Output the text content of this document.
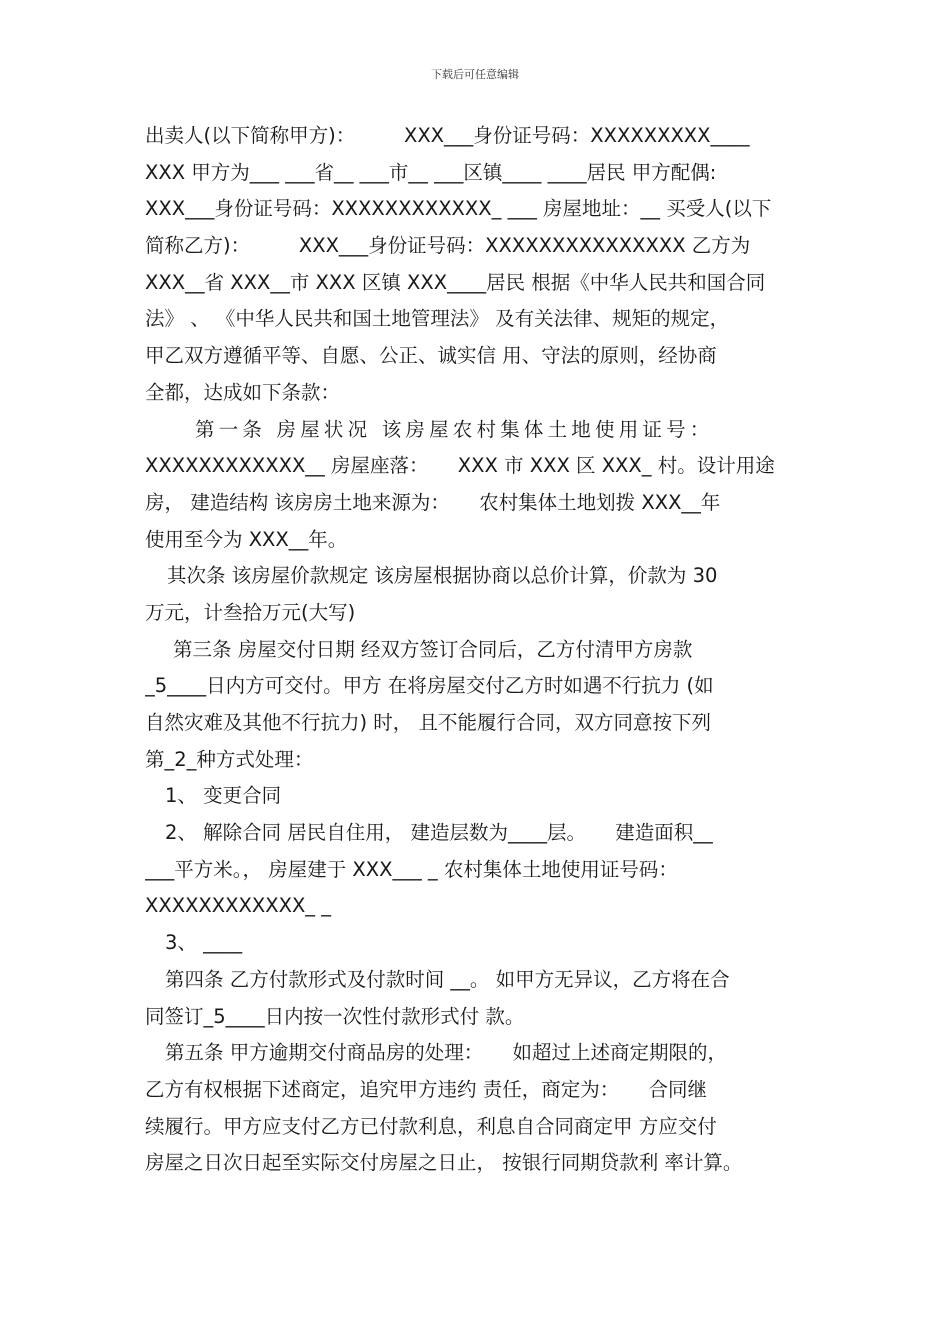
下载后可任意编辑
出卖人(以下简称甲方)：　　　XXX___身份证号码：XXXXXXXXX____
XXX 甲方为___ ___省__ ___市__ ___区镇____ ____居民 甲方配偶:
XXX___身份证号码：XXXXXXXXXXXX_ ___ 房屋地址：__ 买受人(以下
简称乙方)：　　　XXX___身份证号码：XXXXXXXXXXXXXXX 乙方为
XXX__省 XXX__市 XXX 区镇 XXX____居民 根据《中华人民共和国合同
法》 、 《中华人民共和国土地管理法》 及有关法律、规矩的规定，
甲乙双方遵循平等、自愿、公正、诚实信 用、守法的原则，经协商
全都，达成如下条款：
第一条 房屋状况 该房屋农村集体土地使用证号：
XXXXXXXXXXXX__ 房屋座落：　　XXX 市 XXX 区 XXX_ 村。设计用途
房， 建造结构 该房房土地来源为：　　农村集体土地划拨 XXX__年
使用至今为 XXX__年。
其次条 该房屋价款规定 该房屋根据协商以总价计算，价款为 30
万元，计叁拾万元(大写)
第三条 房屋交付日期 经双方签订合同后，乙方付清甲方房款
_5____日内方可交付。甲方 在将房屋交付乙方时如遇不行抗力 (如
自然灾难及其他不行抗力) 时， 且不能履行合同，双方同意按下列
第_2_种方式处理：
1、 变更合同
2、 解除合同 居民自住用， 建造层数为____层。　　建造面积__
___平方米。， 房屋建于 XXX___ _ 农村集体土地使用证号码：
XXXXXXXXXXXX_ _
3、 ____
第四条 乙方付款形式及付款时间 __。 如甲方无异议，乙方将在合
同签订_5____日内按一次性付款形式付 款。
第五条 甲方逾期交付商品房的处理：　　如超过上述商定期限的，
乙方有权根据下述商定，追究甲方违约 责任，商定为：　　合同继
续履行。甲方应支付乙方已付款利息，利息自合同商定甲 方应交付
房屋之日次日起至实际交付房屋之日止， 按银行同期贷款利 率计算。
